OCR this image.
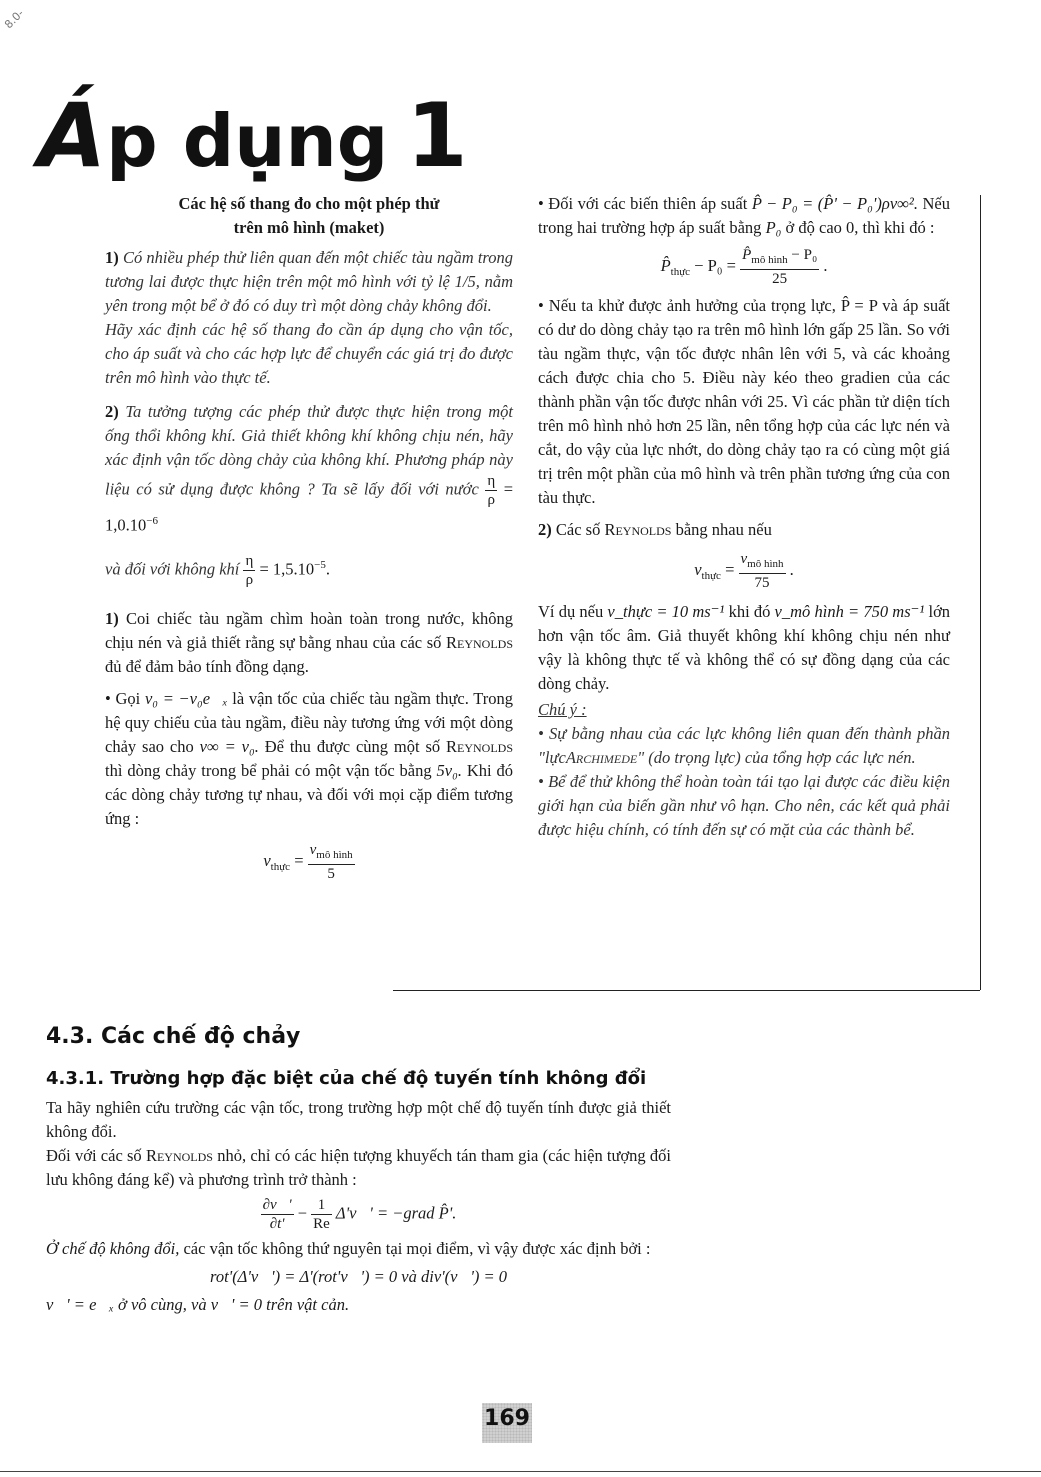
8.0-
Áp dụng 1
Các hệ số thang đo cho một phép thử
trên mô hình (maket)

1) Có nhiều phép thử liên quan đến một chiếc tàu ngầm trong tương lai được thực hiện trên một mô hình với tỷ lệ 1/5, nằm yên trong một bể ở đó có duy trì một dòng chảy không đổi.

Hãy xác định các hệ số thang đo cần áp dụng cho vận tốc, cho áp suất và cho các hợp lực để chuyển các giá trị đo được trên mô hình vào thực tế.

2) Ta tưởng tượng các phép thử được thực hiện trong một ống thổi không khí. Giả thiết không khí không chịu nén, hãy xác định vận tốc dòng chảy của không khí. Phương pháp này liệu có sử dụng được không ? Ta sẽ lấy đối với nước $\frac{\eta}{\rho} = 1,0.10^{-6}$

và đối với không khí $\frac{\eta}{\rho} = 1,5.10^{-5}$.

1) Coi chiếc tàu ngầm chìm hoàn toàn trong nước, không chịu nén và giả thiết rằng sự bằng nhau của các số Reynolds đủ để đảm bảo tính đồng dạng.

• Gọi v₀ = −v₀e⃗ₓ là vận tốc của chiếc tàu ngầm thực. Trong hệ quy chiếu của tàu ngầm, điều này tương ứng với một dòng chảy sao cho v∞ = v₀. Để thu được cùng một số Reynolds thì dòng chảy trong bể phải có một vận tốc bằng 5v₀. Khi đó các dòng chảy tương tự nhau, và đối với mọi cặp điểm tương ứng :

$v_{thực} = \frac{v_{mô hình}}{5}$

• Đối với các biến thiên áp suất P̂ − P₀ = (P̂' − P₀')ρv∞². Nếu trong hai trường hợp áp suất bằng P₀ ở độ cao 0, thì khi đó :

$P̂_{thực} - P_0 = \frac{P̂_{mô hình} - P_0}{25}$ .

• Nếu ta khử được ảnh hưởng của trọng lực, P̂ = P và áp suất có dư do dòng chảy tạo ra trên mô hình lớn gấp 25 lần. So với tàu ngầm thực, vận tốc được nhân lên với 5, và các khoảng cách được chia cho 5. Điều này kéo theo gradien của các thành phần vận tốc được nhân với 25. Vì các phần tử diện tích trên mô hình nhỏ hơn 25 lần, nên tổng hợp của các lực nén và cắt, do vậy của lực nhớt, do dòng chảy tạo ra có cùng một giá trị trên một phần của mô hình và trên phần tương ứng của con tàu thực.

2) Các số Reynolds bằng nhau nếu

$v_{thực} = \frac{v_{mô hình}}{75}$ .

Ví dụ nếu v_thực = 10 ms⁻¹ khi đó v_mô hình = 750 ms⁻¹ lớn hơn vận tốc âm. Giả thuyết không khí không chịu nén như vậy là không thực tế và không thể có sự đồng dạng của các dòng chảy.

Chú ý :

• Sự bằng nhau của các lực không liên quan đến thành phần "lựcArchimede" (do trọng lực) của tổng hợp các lực nén.

• Bể để thử không thể hoàn toàn tái tạo lại được các điều kiện giới hạn của biến gần như vô hạn. Cho nên, các kết quả phải được hiệu chính, có tính đến sự có mặt của các thành bể.

4.3. Các chế độ chảy
4.3.1. Trường hợp đặc biệt của chế độ tuyến tính không đổi

Ta hãy nghiên cứu trường các vận tốc, trong trường hợp một chế độ tuyến tính được giả thiết không đổi.

Đối với các số Reynolds nhỏ, chỉ có các hiện tượng khuyếch tán tham gia (các hiện tượng đối lưu không đáng kể) và phương trình trở thành :

$\frac{\partial v⃗'}{\partial t'} - \frac{1}{Re}$ Δ'v⃗' = −grad P̂'.

Ở chế độ không đổi, các vận tốc không thứ nguyên tại mọi điểm, vì vậy được xác định bởi :

rot'(Δ'v⃗') = Δ'(rot'v⃗') = 0 và div'(v⃗') = 0

v⃗' = e⃗ₓ ở vô cùng, và v⃗' = 0 trên vật cản.

169
